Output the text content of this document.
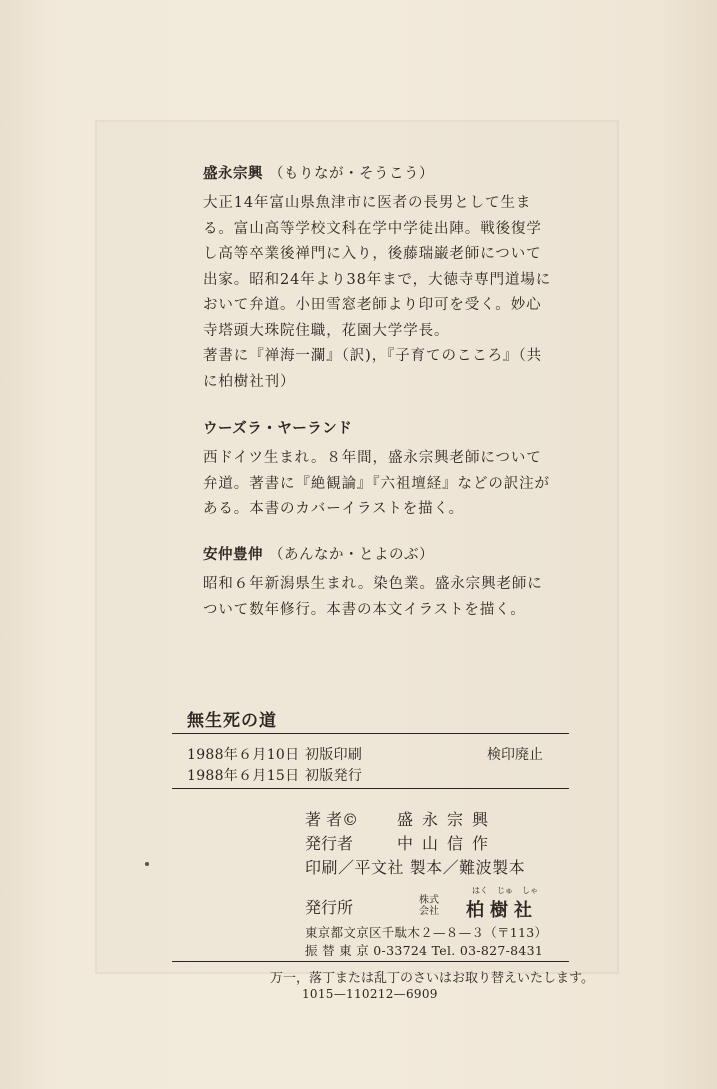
盛永宗興 （もりなが・そうこう）
大正14年富山県魚津市に医者の長男として生ま
る。富山高等学校文科在学中学徒出陣。戦後復学
し高等卒業後禅門に入り，後藤瑞巌老師について
出家。昭和24年より38年まで，大徳寺専門道場に
おいて弁道。小田雪窓老師より印可を受く。妙心
寺塔頭大珠院住職，花園大学学長。
著書に『禅海一瀾』（訳)，『子育てのこころ』（共
に柏樹社刊）
ウーズラ・ヤーランド
西ドイツ生まれ。８年間，盛永宗興老師について
弁道。著書に『絶観論』『六祖壇経』などの訳注が
ある。本書のカバーイラストを描く。
安仲豊伸 （あんなか・とよのぶ）
昭和６年新潟県生まれ。染色業。盛永宗興老師に
ついて数年修行。本書の本文イラストを描く。
無生死の道
1988年６月10日 初版印刷	検印廃止
1988年６月15日 初版発行
著 者© 盛永宗興
発行者	中山信作
印刷／平文社 製本／難波製本
発行所	株式会社
はく じゅ しゃ
柏樹社
東京都文京区千駄木２—８—３（〒113）
振 替 東 京 0-33724 Tel. 03-827-8431
万一，落丁または乱丁のさいはお取り替えいたします。
1015—110212—6909
